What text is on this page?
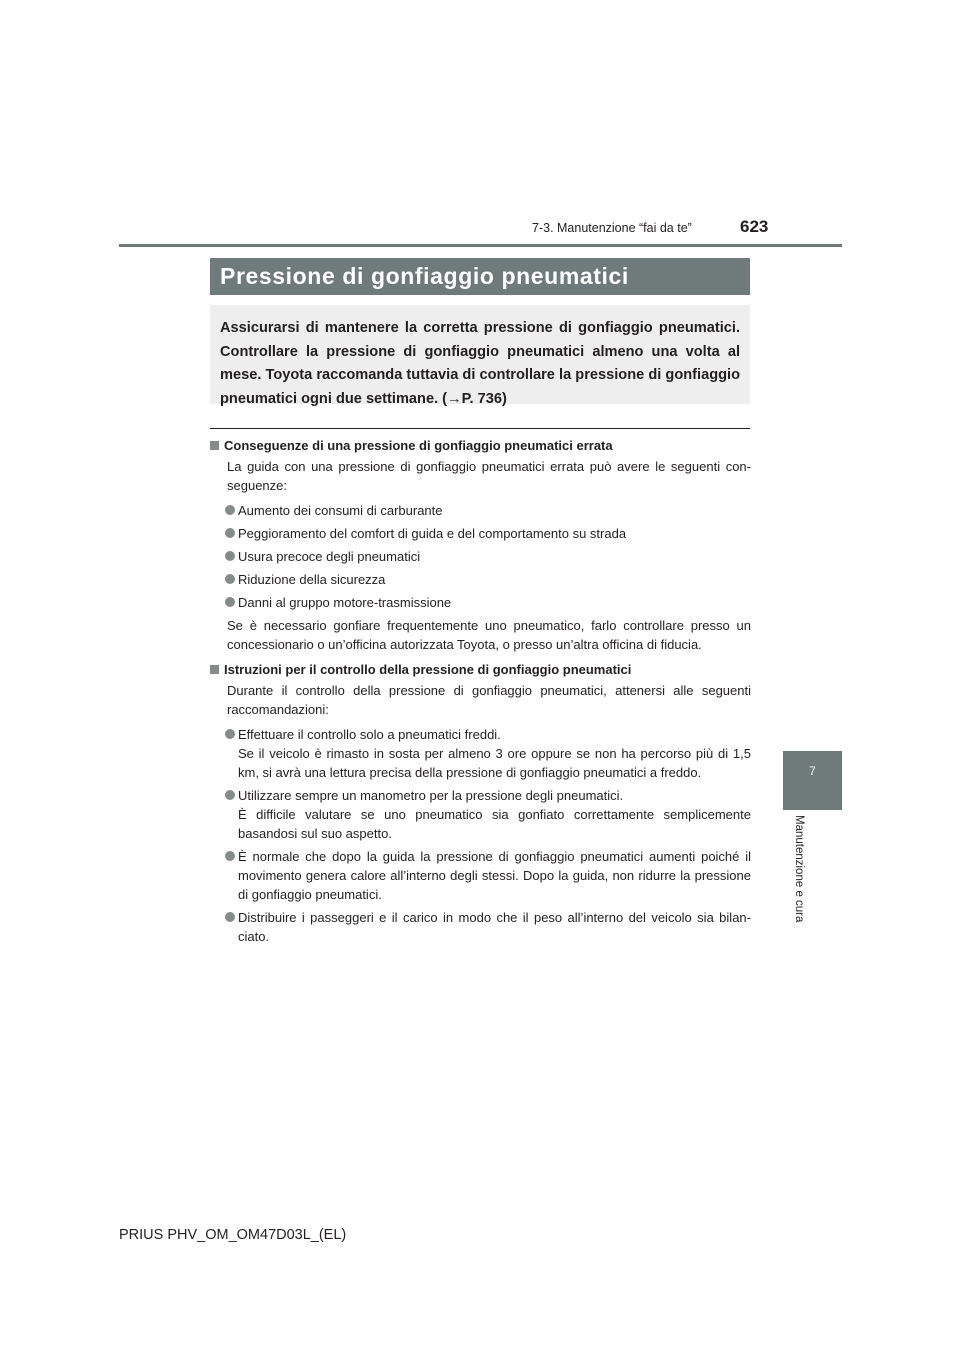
7-3. Manutenzione “fai da te”	623
Pressione di gonfiaggio pneumatici
Assicurarsi di mantenere la corretta pressione di gonfiaggio pneumatici. Controllare la pressione di gonfiaggio pneumatici almeno una volta al mese. Toyota raccomanda tuttavia di controllare la pressione di gonfiaggio pneumatici ogni due settimane. (→P. 736)

Conseguenze di una pressione di gonfiaggio pneumatici errata

La guida con una pressione di gonfiaggio pneumatici errata può avere le seguenti conseguenze:

Aumento dei consumi di carburante
Peggioramento del comfort di guida e del comportamento su strada
Usura precoce degli pneumatici
Riduzione della sicurezza
Danni al gruppo motore-trasmissione

Se è necessario gonfiare frequentemente uno pneumatico, farlo controllare presso un concessionario o un’officina autorizzata Toyota, o presso un’altra officina di fiducia.

Istruzioni per il controllo della pressione di gonfiaggio pneumatici

Durante il controllo della pressione di gonfiaggio pneumatici, attenersi alle seguenti raccomandazioni:

Effettuare il controllo solo a pneumatici freddi.
Se il veicolo è rimasto in sosta per almeno 3 ore oppure se non ha percorso più di 1,5 km, si avrà una lettura precisa della pressione di gonfiaggio pneumatici a freddo.
Utilizzare sempre un manometro per la pressione degli pneumatici.
È difficile valutare se uno pneumatico sia gonfiato correttamente semplicemente basandosi sul suo aspetto.
È normale che dopo la guida la pressione di gonfiaggio pneumatici aumenti poiché il movimento genera calore all’interno degli stessi. Dopo la guida, non ridurre la pressione di gonfiaggio pneumatici.
Distribuire i passeggeri e il carico in modo che il peso all’interno del veicolo sia bilanciato.
7
Manutenzione e cura
PRIUS PHV_OM_OM47D03L_(EL)
